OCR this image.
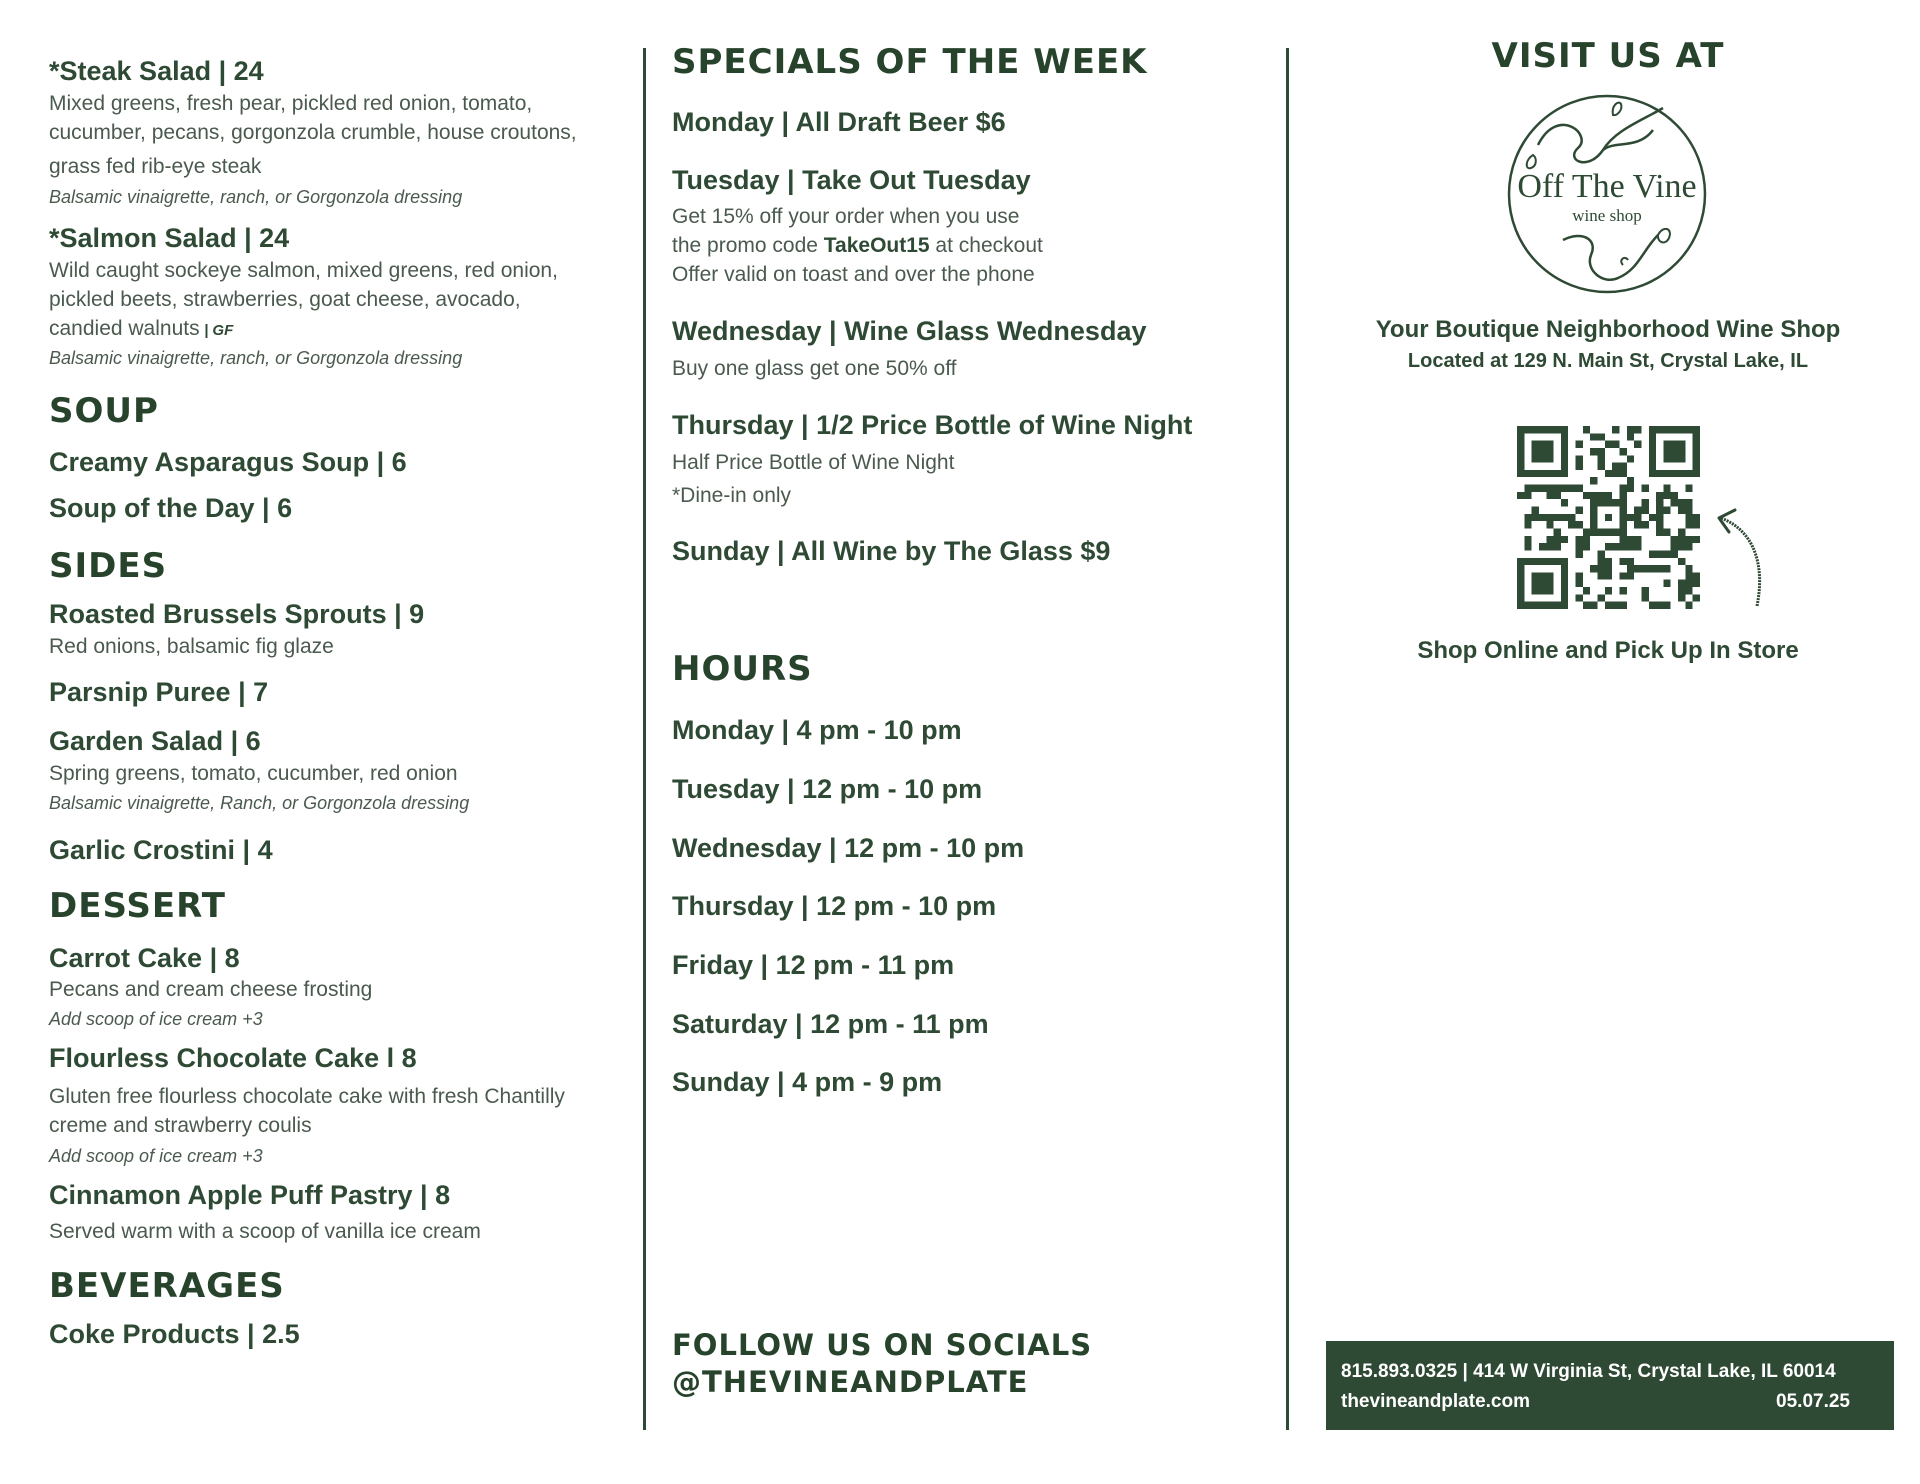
*Steak Salad | 24
Mixed greens, fresh pear, pickled red onion, tomato,
cucumber, pecans, gorgonzola crumble, house croutons,
grass fed rib-eye steak
Balsamic vinaigrette, ranch, or Gorgonzola dressing
*Salmon Salad | 24
Wild caught sockeye salmon, mixed greens, red onion,
pickled beets, strawberries, goat cheese, avocado,
candied walnuts | GF
Balsamic vinaigrette, ranch, or Gorgonzola dressing
SOUP
Creamy Asparagus Soup | 6
Soup of the Day | 6
SIDES
Roasted Brussels Sprouts | 9
Red onions, balsamic fig glaze
Parsnip Puree | 7
Garden Salad | 6
Spring greens, tomato, cucumber, red onion
Balsamic vinaigrette, Ranch, or Gorgonzola dressing
Garlic Crostini | 4
DESSERT
Carrot Cake | 8
Pecans and cream cheese frosting
Add scoop of ice cream +3
Flourless Chocolate Cake l 8
Gluten free flourless chocolate cake with fresh Chantilly
creme and strawberry coulis
Add scoop of ice cream +3
Cinnamon Apple Puff Pastry | 8
Served warm with a scoop of vanilla ice cream
BEVERAGES
Coke Products | 2.5
SPECIALS OF THE WEEK
Monday | All Draft Beer $6
Tuesday | Take Out Tuesday
Get 15% off your order when you use
the promo code TakeOut15 at checkout
Offer valid on toast and over the phone
Wednesday | Wine Glass Wednesday
Buy one glass get one 50% off
Thursday | 1/2 Price Bottle of Wine Night
Half Price Bottle of Wine Night
*Dine-in only
Sunday | All Wine by The Glass $9
HOURS
Monday | 4 pm - 10 pm
Tuesday | 12 pm - 10 pm
Wednesday | 12 pm - 10 pm
Thursday | 12 pm - 10 pm
Friday | 12 pm - 11 pm
Saturday | 12 pm - 11 pm
Sunday | 4 pm - 9 pm
FOLLOW US ON SOCIALS
@THEVINEANDPLATE
VISIT US AT
Off The Vine
wine shop
Your Boutique Neighborhood Wine Shop
Located at 129 N. Main St, Crystal Lake, IL
Shop Online and Pick Up In Store
815.893.0325 | 414 W Virginia St, Crystal Lake, IL 60014
thevineandplate.com	05.07.25
